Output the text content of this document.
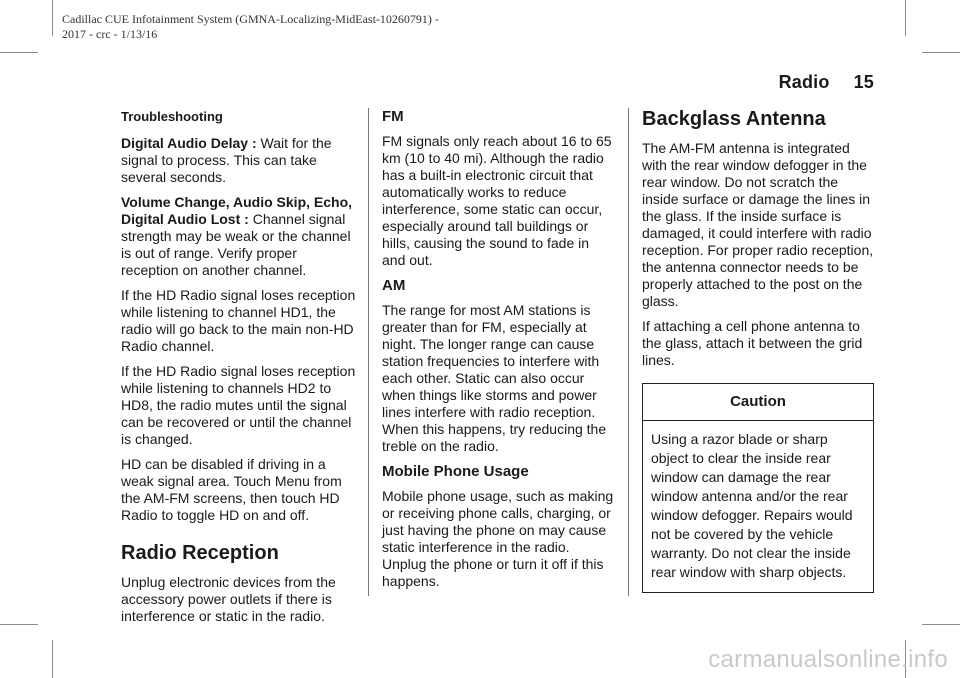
Cadillac CUE Infotainment System (GMNA-Localizing-MidEast-10260791) -
2017 - crc - 1/13/16
Radio 15
Troubleshooting

Digital Audio Delay : Wait for the signal to process. This can take several seconds.

Volume Change, Audio Skip, Echo, Digital Audio Lost : Channel signal strength may be weak or the channel is out of range. Verify proper reception on another channel.

If the HD Radio signal loses reception while listening to channel HD1, the radio will go back to the main non-HD Radio channel.

If the HD Radio signal loses reception while listening to channels HD2 to HD8, the radio mutes until the signal can be recovered or until the channel is changed.

HD can be disabled if driving in a weak signal area. Touch Menu from the AM-FM screens, then touch HD Radio to toggle HD on and off.

Radio Reception

Unplug electronic devices from the accessory power outlets if there is interference or static in the radio.

FM

FM signals only reach about 16 to 65 km (10 to 40 mi). Although the radio has a built-in electronic circuit that automatically works to reduce interference, some static can occur, especially around tall buildings or hills, causing the sound to fade in and out.

AM

The range for most AM stations is greater than for FM, especially at night. The longer range can cause station frequencies to interfere with each other. Static can also occur when things like storms and power lines interfere with radio reception. When this happens, try reducing the treble on the radio.

Mobile Phone Usage

Mobile phone usage, such as making or receiving phone calls, charging, or just having the phone on may cause static interference in the radio. Unplug the phone or turn it off if this happens.

Backglass Antenna

The AM-FM antenna is integrated with the rear window defogger in the rear window. Do not scratch the inside surface or damage the lines in the glass. If the inside surface is damaged, it could interfere with radio reception. For proper radio reception, the antenna connector needs to be properly attached to the post on the glass.

If attaching a cell phone antenna to the glass, attach it between the grid lines.

Caution
Using a razor blade or sharp object to clear the inside rear window can damage the rear window antenna and/or the rear window defogger. Repairs would not be covered by the vehicle warranty. Do not clear the inside rear window with sharp objects.
carmanualsonline.info
